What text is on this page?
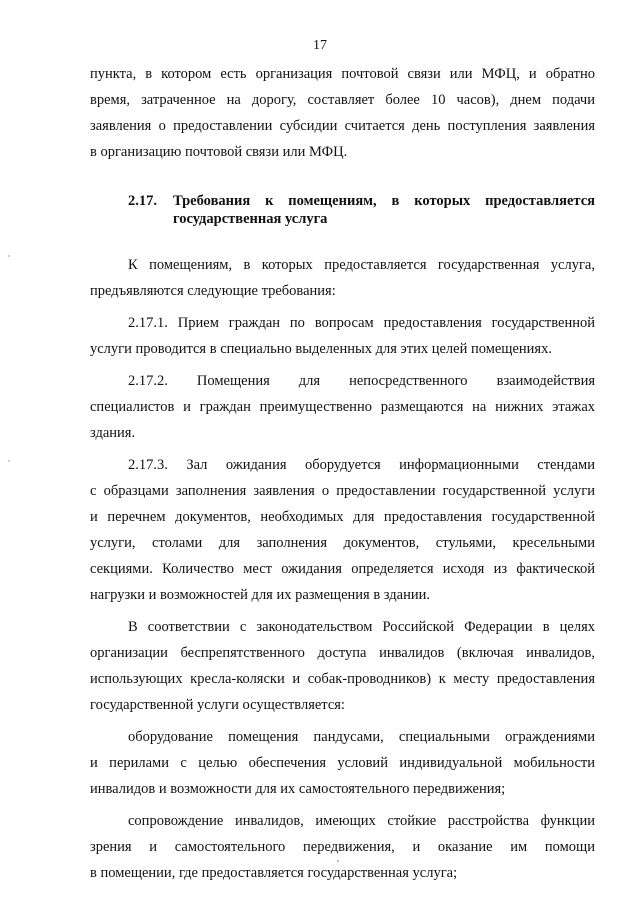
17
пункта, в котором есть организация почтовой связи или МФЦ, и обратно
время, затраченное на дорогу, составляет более 10 часов), днем подачи
заявления о предоставлении субсидии считается день поступления заявления
в организацию почтовой связи или МФЦ.
2.17.	Требования к помещениям, в которых предоставляется
государственная услуга
К помещениям, в которых предоставляется государственная услуга,
предъявляются следующие требования:
2.17.1. Прием граждан по вопросам предоставления государственной
услуги проводится в специально выделенных для этих целей помещениях.
2.17.2. Помещения для непосредственного взаимодействия
специалистов и граждан преимущественно размещаются на нижних этажах
здания.
2.17.3. Зал ожидания оборудуется информационными стендами
с образцами заполнения заявления о предоставлении государственной услуги
и перечнем документов, необходимых для предоставления государственной
услуги, столами для заполнения документов, стульями, кресельными
секциями. Количество мест ожидания определяется исходя из фактической
нагрузки и возможностей для их размещения в здании.
В соответствии с законодательством Российской Федерации в целях
организации беспрепятственного доступа инвалидов (включая инвалидов,
использующих кресла-коляски и собак-проводников) к месту предоставления
государственной услуги осуществляется:
оборудование помещения пандусами, специальными ограждениями
и перилами с целью обеспечения условий индивидуальной мобильности
инвалидов и возможности для их самостоятельного передвижения;
сопровождение инвалидов, имеющих стойкие расстройства функции
зрения и самостоятельного передвижения, и оказание им помощи
в помещении, где предоставляется государственная услуга;
